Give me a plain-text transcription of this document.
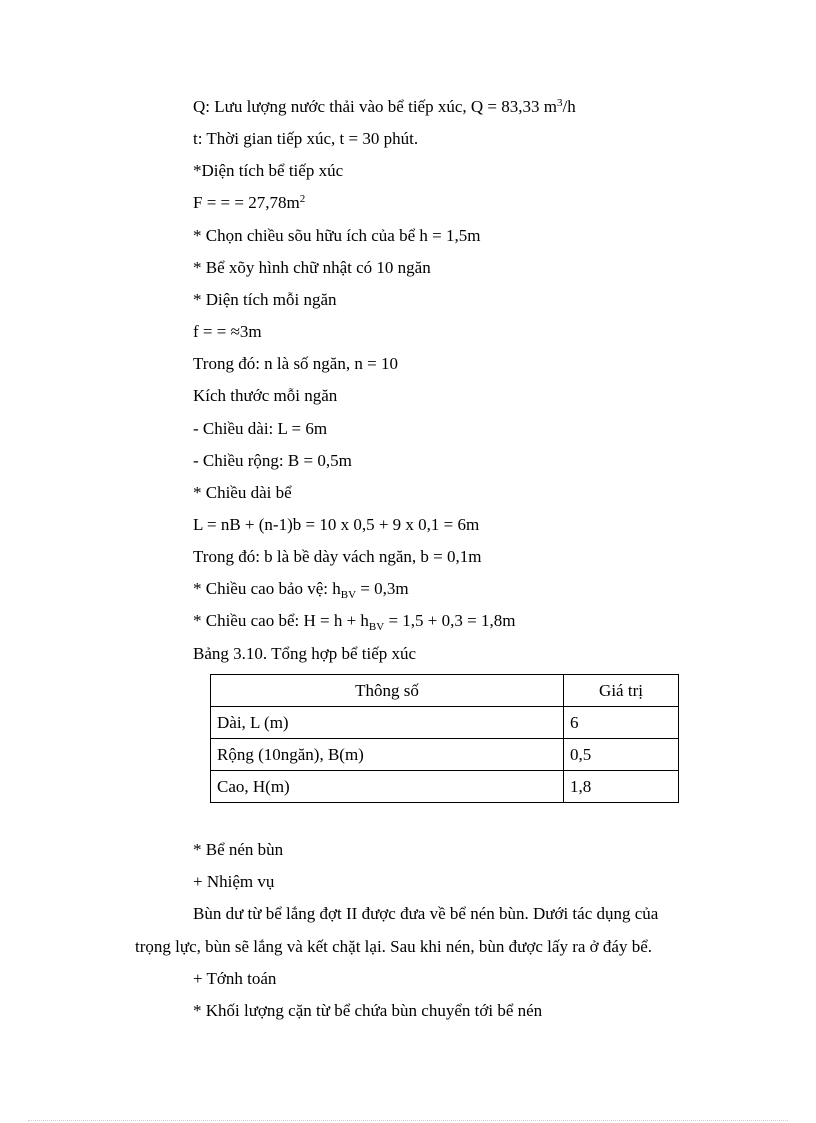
Q: Lưu lượng nước thải vào bể tiếp xúc, Q = 83,33 $m^3/h$
t: Thời gian tiếp xúc, t = 30 phút.
*Diện tích bể tiếp xúc
F = = = $27,78m^2$
* Chọn chiều sõu hữu ích của bể h = 1,5m
* Bể xõy hình chữ nhật có 10 ngăn
* Diện tích mỗi ngăn
f = = ≈3m
Trong đó: n là số ngăn, n = 10
Kích thước mỗi ngăn
- Chiều dài: L = 6m
- Chiều rộng: B = 0,5m
* Chiều dài bể
L = nB + (n-1)b = 10 x 0,5 + 9 x 0,1 = 6m
Trong đó: b là bề dày vách ngăn, b = 0,1m
* Chiều cao bảo vệ: $h_{BV} = 0,3m$
* Chiều cao bể: $H = h + h_{BV} = 1,5 + 0,3 = 1,8m$
Bảng 3.10. Tổng hợp bể tiếp xúc
Thông số	Giá trị
Dài, L (m)	6
Rộng (10ngăn), B(m)	0,5
Cao, H(m)	1,8
* Bể nén bùn
+ Nhiệm vụ
Bùn dư từ bể lắng đợt II được đưa về bể nén bùn. Dưới tác dụng của
trọng lực, bùn sẽ lắng và kết chặt lại. Sau khi nén, bùn được lấy ra ở đáy bể.
+ Tớnh toán
* Khối lượng cặn từ bể chứa bùn chuyển tới bể nén
